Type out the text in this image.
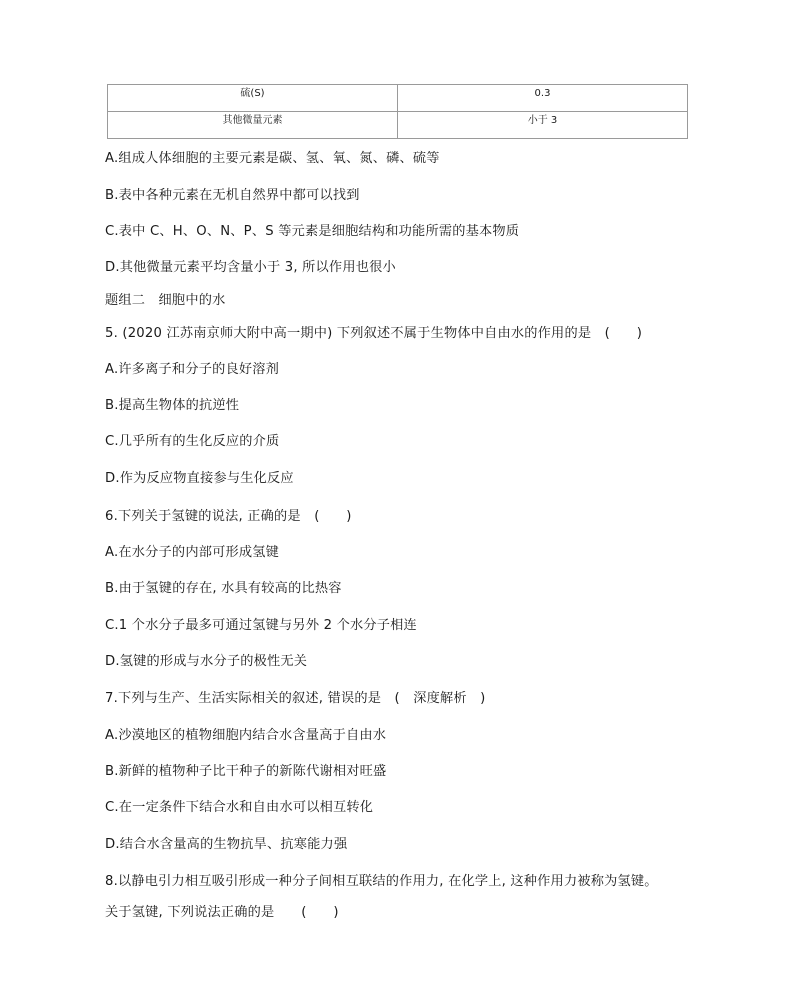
硫(S)	0.3
其他微量元素	小于 3
A.组成人体细胞的主要元素是碳、氢、氧、氮、磷、硫等
B.表中各种元素在无机自然界中都可以找到
C.表中 C、H、O、N、P、S 等元素是细胞结构和功能所需的基本物质
D.其他微量元素平均含量小于 3, 所以作用也很小
题组二　细胞中的水
5. (2020 江苏南京师大附中高一期中) 下列叙述不属于生物体中自由水的作用的是　(　　)
A.许多离子和分子的良好溶剂
B.提高生物体的抗逆性
C.几乎所有的生化反应的介质
D.作为反应物直接参与生化反应
6.下列关于氢键的说法, 正确的是　(　　)
A.在水分子的内部可形成氢键
B.由于氢键的存在, 水具有较高的比热容
C.1 个水分子最多可通过氢键与另外 2 个水分子相连
D.氢键的形成与水分子的极性无关
7.下列与生产、生活实际相关的叙述, 错误的是　(　深度解析　)
A.沙漠地区的植物细胞内结合水含量高于自由水
B.新鲜的植物种子比干种子的新陈代谢相对旺盛
C.在一定条件下结合水和自由水可以相互转化
D.结合水含量高的生物抗旱、抗寒能力强
8.以静电引力相互吸引形成一种分子间相互联结的作用力, 在化学上, 这种作用力被称为氢键。
关于氢键, 下列说法正确的是　　(　　)
